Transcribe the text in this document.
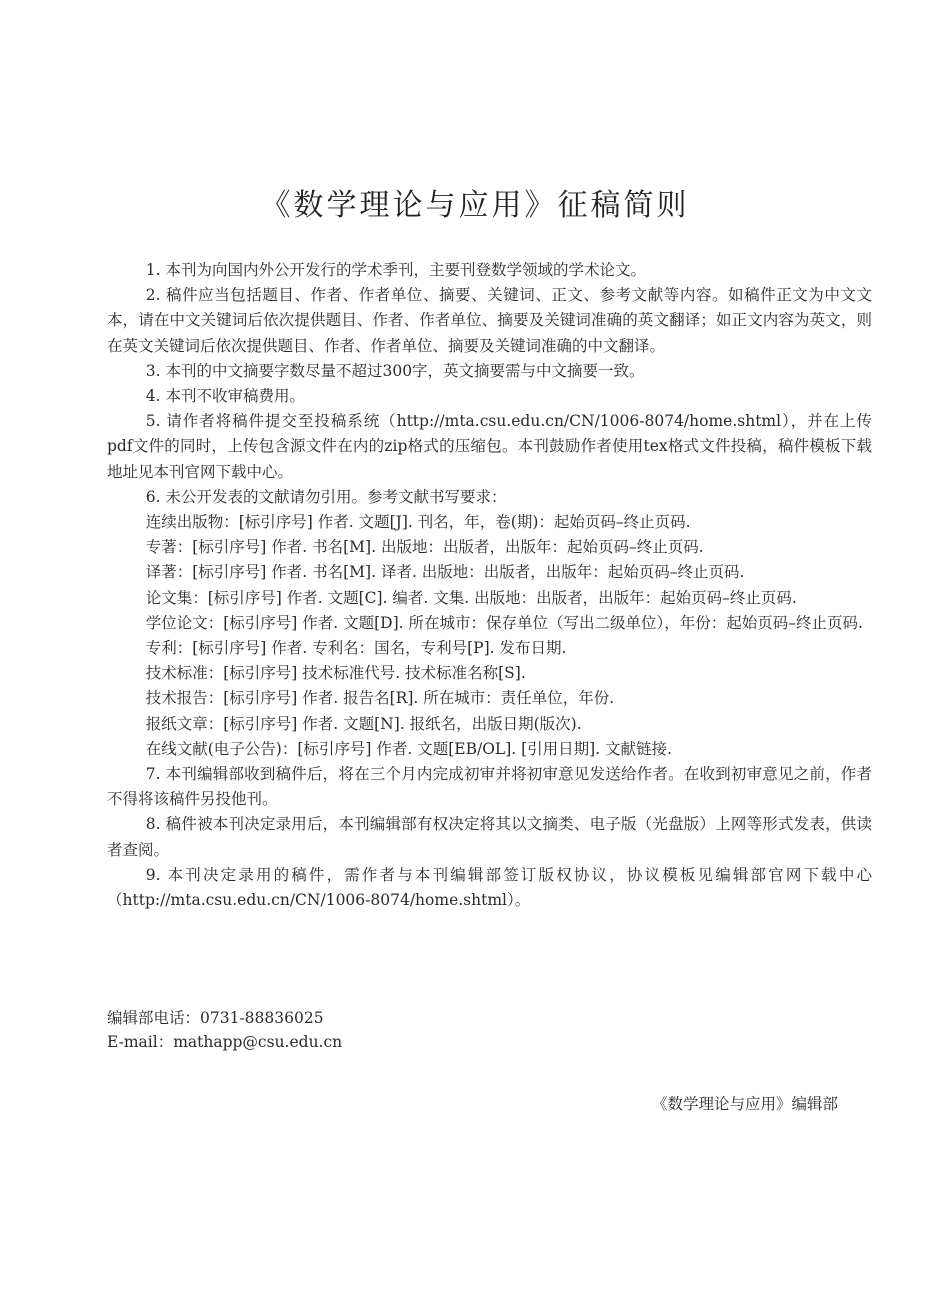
《数学理论与应用》征稿简则

1. 本刊为向国内外公开发行的学术季刊，主要刊登数学领域的学术论文。

2. 稿件应当包括题目、作者、作者单位、摘要、关键词、正文、参考文献等内容。如稿件正文为中文文本，请在中文关键词后依次提供题目、作者、作者单位、摘要及关键词准确的英文翻译；如正文内容为英文，则在英文关键词后依次提供题目、作者、作者单位、摘要及关键词准确的中文翻译。

3. 本刊的中文摘要字数尽量不超过300字，英文摘要需与中文摘要一致。

4. 本刊不收审稿费用。

5. 请作者将稿件提交至投稿系统（http://mta.csu.edu.cn/CN/1006-8074/home.shtml），并在上传pdf文件的同时，上传包含源文件在内的zip格式的压缩包。本刊鼓励作者使用tex格式文件投稿，稿件模板下载地址见本刊官网下载中心。

6. 未公开发表的文献请勿引用。参考文献书写要求：

连续出版物：[标引序号] 作者. 文题[J]. 刊名，年，卷(期)：起始页码–终止页码.

专著：[标引序号] 作者. 书名[M]. 出版地：出版者，出版年：起始页码–终止页码.

译著：[标引序号] 作者. 书名[M]. 译者. 出版地：出版者，出版年：起始页码–终止页码.

论文集：[标引序号] 作者. 文题[C]. 编者. 文集. 出版地：出版者，出版年：起始页码–终止页码.

学位论文：[标引序号] 作者. 文题[D]. 所在城市：保存单位（写出二级单位），年份：起始页码–终止页码.

专利：[标引序号] 作者. 专利名：国名，专利号[P]. 发布日期.

技术标准：[标引序号] 技术标准代号. 技术标准名称[S].

技术报告：[标引序号] 作者. 报告名[R]. 所在城市：责任单位，年份.

报纸文章：[标引序号] 作者. 文题[N]. 报纸名，出版日期(版次).

在线文献(电子公告)：[标引序号] 作者. 文题[EB/OL]. [引用日期]. 文献链接.

7. 本刊编辑部收到稿件后，将在三个月内完成初审并将初审意见发送给作者。在收到初审意见之前，作者不得将该稿件另投他刊。

8. 稿件被本刊决定录用后，本刊编辑部有权决定将其以文摘类、电子版（光盘版）上网等形式发表，供读者查阅。

9. 本刊决定录用的稿件，需作者与本刊编辑部签订版权协议，协议模板见编辑部官网下载中心（http://mta.csu.edu.cn/CN/1006-8074/home.shtml）。

编辑部电话：0731-88836025

E-mail：mathapp@csu.edu.cn

《数学理论与应用》编辑部
